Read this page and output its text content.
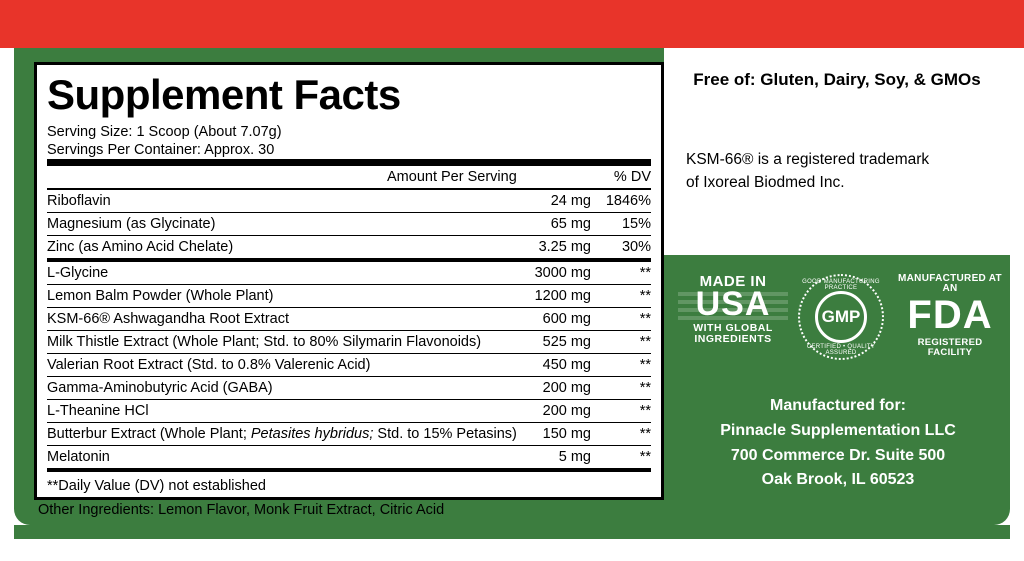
Supplement Facts
Serving Size: 1 Scoop (About 7.07g)
Servings Per Container: Approx. 30
	Amount Per Serving	% DV
Riboflavin	24 mg	1846%
Magnesium (as Glycinate)	65 mg	15%
Zinc (as Amino Acid Chelate)	3.25 mg	30%
L-Glycine	3000 mg	**
Lemon Balm Powder (Whole Plant)	1200 mg	**
KSM-66® Ashwagandha Root Extract	600 mg	**
Milk Thistle Extract (Whole Plant; Std. to 80% Silymarin Flavonoids)	525 mg	**
Valerian Root Extract (Std. to 0.8% Valerenic Acid)	450 mg	**
Gamma-Aminobutyric Acid (GABA)	200 mg	**
L-Theanine HCl	200 mg	**
Butterbur Extract (Whole Plant; Petasites hybridus; Std. to 15% Petasins)	150 mg	**
Melatonin	5 mg	**
**Daily Value (DV) not established
Other Ingredients: Lemon Flavor, Monk Fruit Extract, Citric Acid
Free of: Gluten, Dairy, Soy, & GMOs
KSM-66® is a registered trademark
of Ixoreal Biodmed Inc.
MADE IN
USA
WITH GLOBAL
INGREDIENTS
GOOD MANUFACTURING PRACTICE
GMP
CERTIFIED • QUALITY ASSURED
MANUFACTURED AT AN
FDA
REGISTERED FACILITY
Manufactured for:
Pinnacle Supplementation LLC
700 Commerce Dr. Suite 500
Oak Brook, IL 60523
